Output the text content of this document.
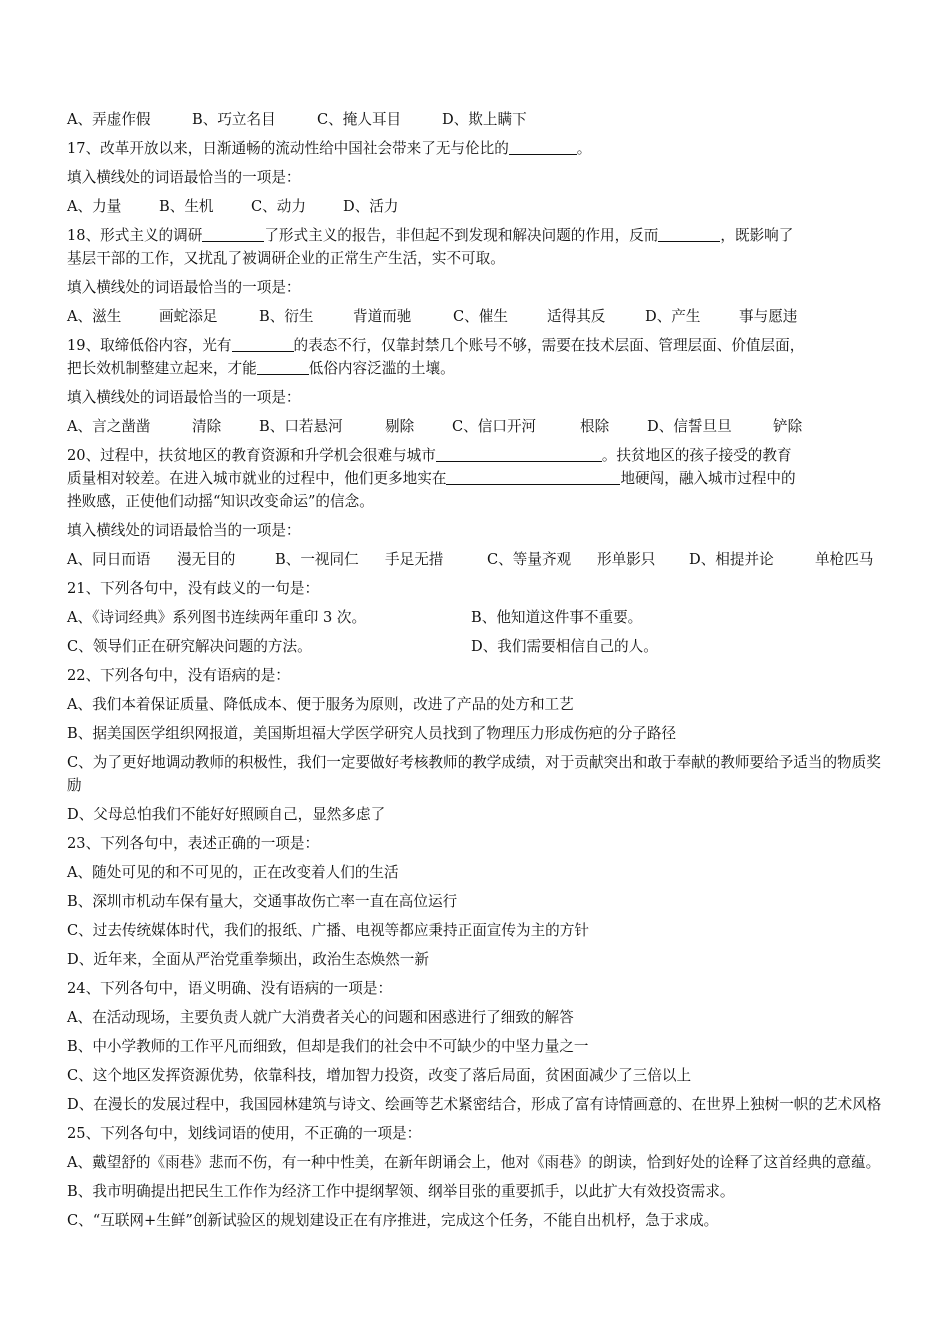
A、弄虚作假	B、巧立名目	C、掩人耳目	D、欺上瞒下
17、改革开放以来，日渐通畅的流动性给中国社会带来了无与伦比的	。
填入横线处的词语最恰当的一项是：
A、力量	B、生机	C、动力	D、活力
18、形式主义的调研	了形式主义的报告，非但起不到发现和解决问题的作用，反而	，既影响了
基层干部的工作，又扰乱了被调研企业的正常生产生活，实不可取。
填入横线处的词语最恰当的一项是：
A、滋生	画蛇添足	B、衍生	背道而驰	C、催生	适得其反	D、产生	事与愿违
19、取缔低俗内容，光有	的表态不行，仅靠封禁几个账号不够，需要在技术层面、管理层面、价值层面，
把长效机制整建立起来，才能	低俗内容泛滥的土壤。
填入横线处的词语最恰当的一项是：
A、言之凿凿	清除	B、口若悬河	剔除	C、信口开河	根除	D、信誓旦旦	铲除
20、过程中，扶贫地区的教育资源和升学机会很难与城市	。扶贫地区的孩子接受的教育
质量相对较差。在进入城市就业的过程中，他们更多地实在	地硬闯，融入城市过程中的
挫败感，正使他们动摇“知识改变命运”的信念。
填入横线处的词语最恰当的一项是：
A、同日而语	漫无目的	B、一视同仁	手足无措	C、等量齐观	形单影只	D、相提并论	单枪匹马
21、下列各句中，没有歧义的一句是：
A、《诗词经典》系列图书连续两年重印 3 次。	B、他知道这件事不重要。
C、领导们正在研究解决问题的方法。	D、我们需要相信自己的人。
22、下列各句中，没有语病的是：
A、我们本着保证质量、降低成本、便于服务为原则，改进了产品的处方和工艺
B、据美国医学组织网报道，美国斯坦福大学医学研究人员找到了物理压力形成伤疤的分子路径
C、为了更好地调动教师的积极性，我们一定要做好考核教师的教学成绩，对于贡献突出和敢于奉献的教师要给予适当的物质奖励
D、父母总怕我们不能好好照顾自己，显然多虑了
23、下列各句中，表述正确的一项是：
A、随处可见的和不可见的，正在改变着人们的生活
B、深圳市机动车保有量大，交通事故伤亡率一直在高位运行
C、过去传统媒体时代，我们的报纸、广播、电视等都应秉持正面宣传为主的方针
D、近年来，全面从严治党重拳频出，政治生态焕然一新
24、下列各句中，语义明确、没有语病的一项是：
A、在活动现场，主要负责人就广大消费者关心的问题和困惑进行了细致的解答
B、中小学教师的工作平凡而细致，但却是我们的社会中不可缺少的中坚力量之一
C、这个地区发挥资源优势，依靠科技，增加智力投资，改变了落后局面，贫困面减少了三倍以上
D、在漫长的发展过程中，我国园林建筑与诗文、绘画等艺术紧密结合，形成了富有诗情画意的、在世界上独树一帜的艺术风格
25、下列各句中，划线词语的使用，不正确的一项是：
A、戴望舒的《雨巷》悲而不伤，有一种中性美，在新年朗诵会上，他对《雨巷》的朗读，恰到好处的诠释了这首经典的意蕴。
B、我市明确提出把民生工作作为经济工作中提纲挈领、纲举目张的重要抓手，以此扩大有效投资需求。
C、“互联网+生鲜”创新试验区的规划建设正在有序推进，完成这个任务，不能自出机杼，急于求成。
